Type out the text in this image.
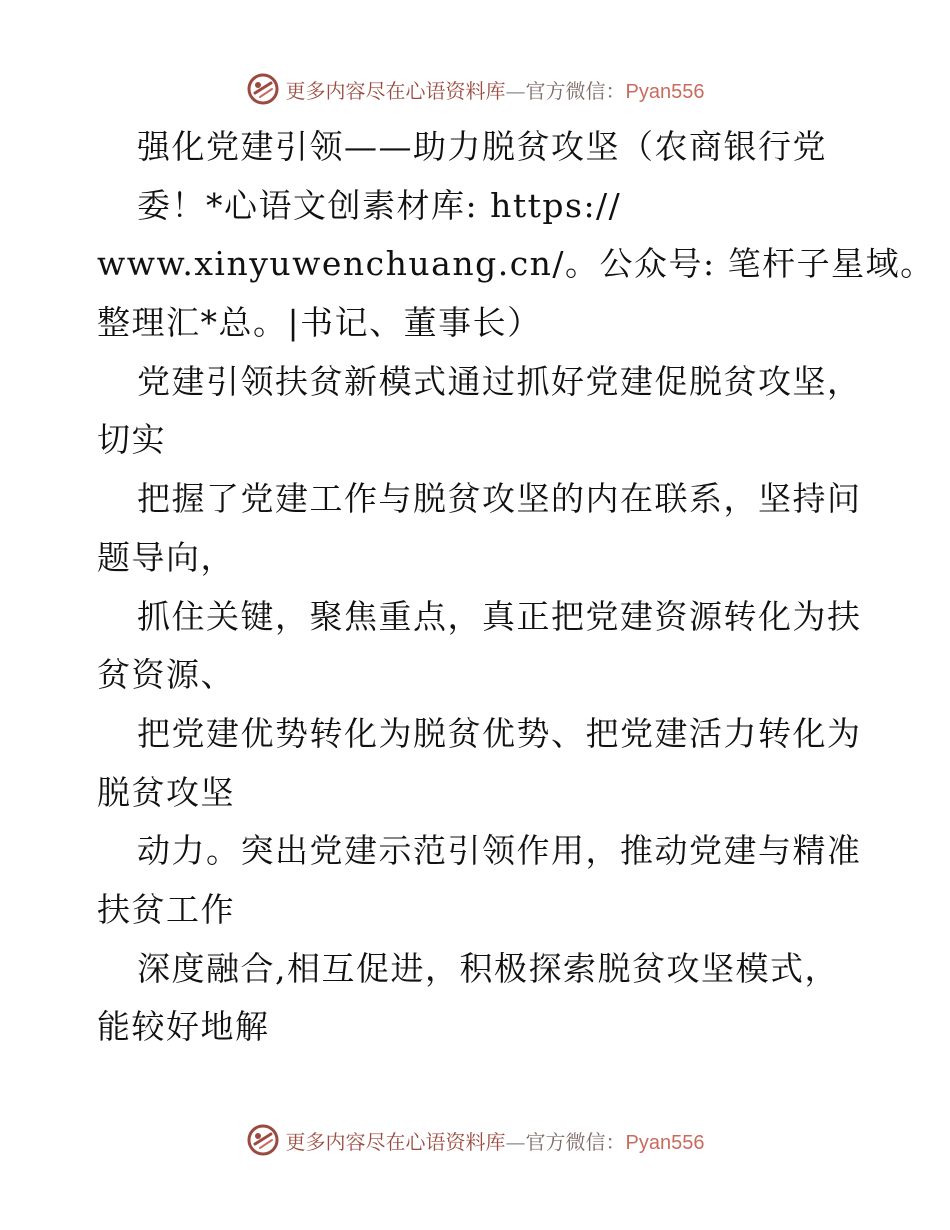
更多内容尽在心语资料库—官方微信：Pyan556
强化党建引领——助力脱贫攻坚（农商银行党
委！*心语文创素材库: https://
www.xinyuwenchuang.cn/。公众号: 笔杆子星域。
整理汇*总。|书记、董事长）
党建引领扶贫新模式通过抓好党建促脱贫攻坚，
切实
把握了党建工作与脱贫攻坚的内在联系，坚持问
题导向，
抓住关键，聚焦重点，真正把党建资源转化为扶
贫资源、
把党建优势转化为脱贫优势、把党建活力转化为
脱贫攻坚
动力。突出党建示范引领作用，推动党建与精准
扶贫工作
深度融合,相互促进，积极探索脱贫攻坚模式，
能较好地解
更多内容尽在心语资料库—官方微信：Pyan556
